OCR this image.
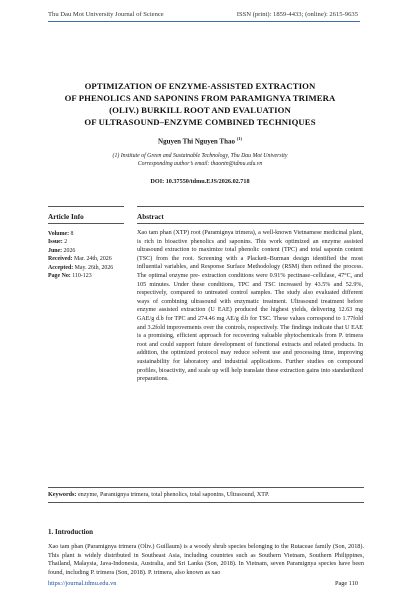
Thu Dau Mot University Journal of Science	ISSN (print): 1859-4433; (online): 2615-9635
OPTIMIZATION OF ENZYME-ASSISTED EXTRACTION
OF PHENOLICS AND SAPONINS FROM PARAMIGNYA TRIMERA
(OLIV.) BURKILL ROOT AND EVALUATION
OF ULTRASOUND–ENZYME COMBINED TECHNIQUES
Nguyen Thi Nguyen Thao $^{(1)}$
(1) Institute of Green and Sustainable Technology, Thu Dau Mot University
Corresponding author’s email: thaontn@tdmu.edu.vn
DOI: 10.37550/tdmu.EJS/2026.02.718
Article Info	Abstract
Volume: 8
Issue: 2
June: 2026
Received: Mar. 24th, 2026
Accepted: May. 26th, 2026
Page No: 110-123
Xao tam phan (XTP) root (Paramignya trimera), a well-known Vietnamese medicinal plant, is rich in bioactive phenolics and saponins. This work optimized an enzyme assisted ultrasound extraction to maximize total phenolic content (TPC) and total saponin content (TSC) from the root. Screening with a Plackett–Burman design identified the most influential variables, and Response Surface Methodology (RSM) then refined the process. The optimal enzyme pre- extraction conditions were 0.91% pectinase–cellulase, 47°C, and 105 minutes. Under these conditions, TPC and TSC increased by 43.5% and 52.9%, respectively, compared to untreated control samples. The study also evaluated different ways of combining ultrasound with enzymatic treatment. Ultrasound treatment before enzyme assisted extraction (U EAE) produced the highest yields, delivering 12.63 mg GAE/g d.b for TPC and 274.46 mg AE/g d.b for TSC. These values correspond to 1.77fold and 3.2fold improvements over the controls, respectively. The findings indicate that U EAE is a promising, efficient approach for recovering valuable phytochemicals from P. trimera root and could support future development of functional extracts and related products. In addition, the optimized protocol may reduce solvent use and processing time, improving sustainability for laboratory and industrial applications. Further studies on compound profiles, bioactivity, and scale up will help translate these extraction gains into standardized preparations.
Keywords: enzyme, Paramignya trimera, total phenolics, total saponins, Ultrasound, XTP.
1. Introduction
Xao tam phan (Paramignya trimera (Oliv.) Guillaum) is a woody shrub species belonging to the Rutaceae family (Son, 2018). This plant is widely distributed in Southeast Asia, including countries such as Southern Vietnam, Southern Philippines, Thailand, Malaysia, Java-Indonesia, Australia, and Sri Lanka (Son, 2018). In Vietnam, seven Paramignya species have been found, including P. trimera (Son, 2018). P. trimera, also known as xao
https://journal.tdmu.edu.vn	Page 110
